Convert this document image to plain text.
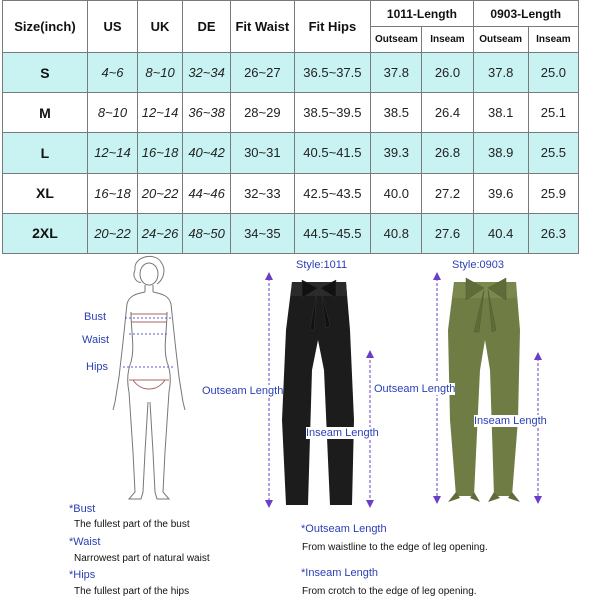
Size(inch)	US	UK	DE	Fit Waist	Fit Hips	1011-Length		0903-Length	
						Outseam	Inseam	Outseam	Inseam
S	4~6	8~10	32~34	26~27	36.5~37.5	37.8	26.0	37.8	25.0
M	8~10	12~14	36~38	28~29	38.5~39.5	38.5	26.4	38.1	25.1
L	12~14	16~18	40~42	30~31	40.5~41.5	39.3	26.8	38.9	25.5
XL	16~18	20~22	44~46	32~33	42.5~43.5	40.0	27.2	39.6	25.9
2XL	20~22	24~26	48~50	34~35	44.5~45.5	40.8	27.6	40.4	26.3
Bust
Waist
Hips
Style:1011
Outseam Length
Inseam Length
Style:0903
Outseam Length
Inseam Length
*Bust
The fullest part of the bust
*Waist
Narrowest part of natural waist
*Hips
The fullest part of the hips
*Outseam Length
From waistline to the edge of leg opening.
*Inseam Length
From crotch to the edge of leg opening.
